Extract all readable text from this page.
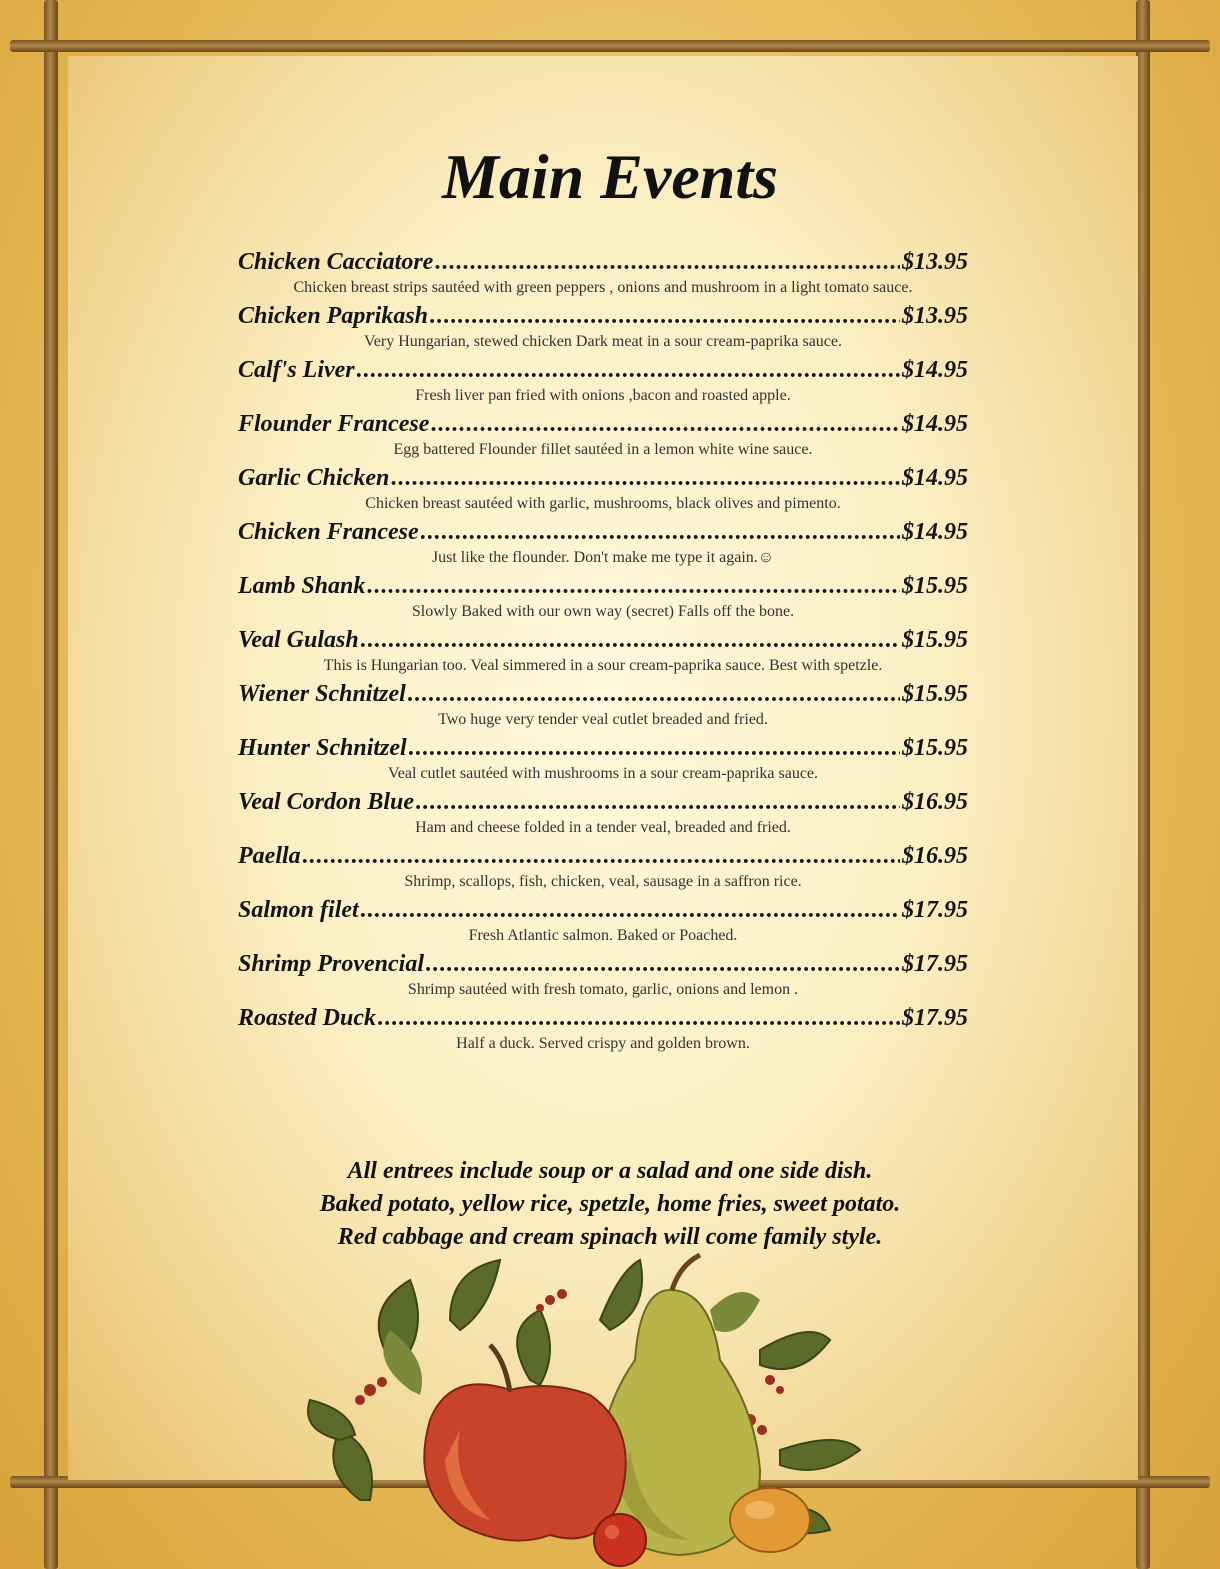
Main Events
Chicken Cacciatore .....	$13.95

Chicken breast strips sautéed with green peppers , onions and mushroom in a light tomato sauce.

Chicken Paprikash .....	$13.95

Very Hungarian, stewed chicken Dark meat in a sour cream-paprika sauce.

Calf's Liver .....	$14.95

Fresh liver pan fried with onions ,bacon and roasted apple.

Flounder Francese .....	$14.95

Egg battered Flounder fillet sautéed in a lemon white wine sauce.

Garlic Chicken .....	$14.95

Chicken breast sautéed with garlic, mushrooms, black olives and pimento.

Chicken Francese .....	$14.95

Just like the flounder. Don't make me type it again.☺

Lamb Shank .....	$15.95

Slowly Baked with our own way (secret) Falls off the bone.

Veal Gulash .....	$15.95

This is Hungarian too. Veal simmered in a sour cream-paprika sauce. Best with spetzle.

Wiener Schnitzel .....	$15.95

Two huge very tender veal cutlet breaded and fried.

Hunter Schnitzel .....	$15.95

Veal cutlet sautéed with mushrooms in a sour cream-paprika sauce.

Veal Cordon Blue .....	$16.95

Ham and cheese folded in a tender veal, breaded and fried.

Paella .....	$16.95

Shrimp, scallops, fish, chicken, veal, sausage in a saffron rice.

Salmon filet .....	$17.95

Fresh Atlantic salmon. Baked or Poached.

Shrimp Provencial .....	$17.95

Shrimp sautéed with fresh tomato, garlic, onions and lemon .

Roasted Duck .....	$17.95

Half a duck. Served crispy and golden brown.

All entrees include soup or a salad and one side dish.
Baked potato, yellow rice, spetzle, home fries, sweet potato.
Red cabbage and cream spinach will come family style.
